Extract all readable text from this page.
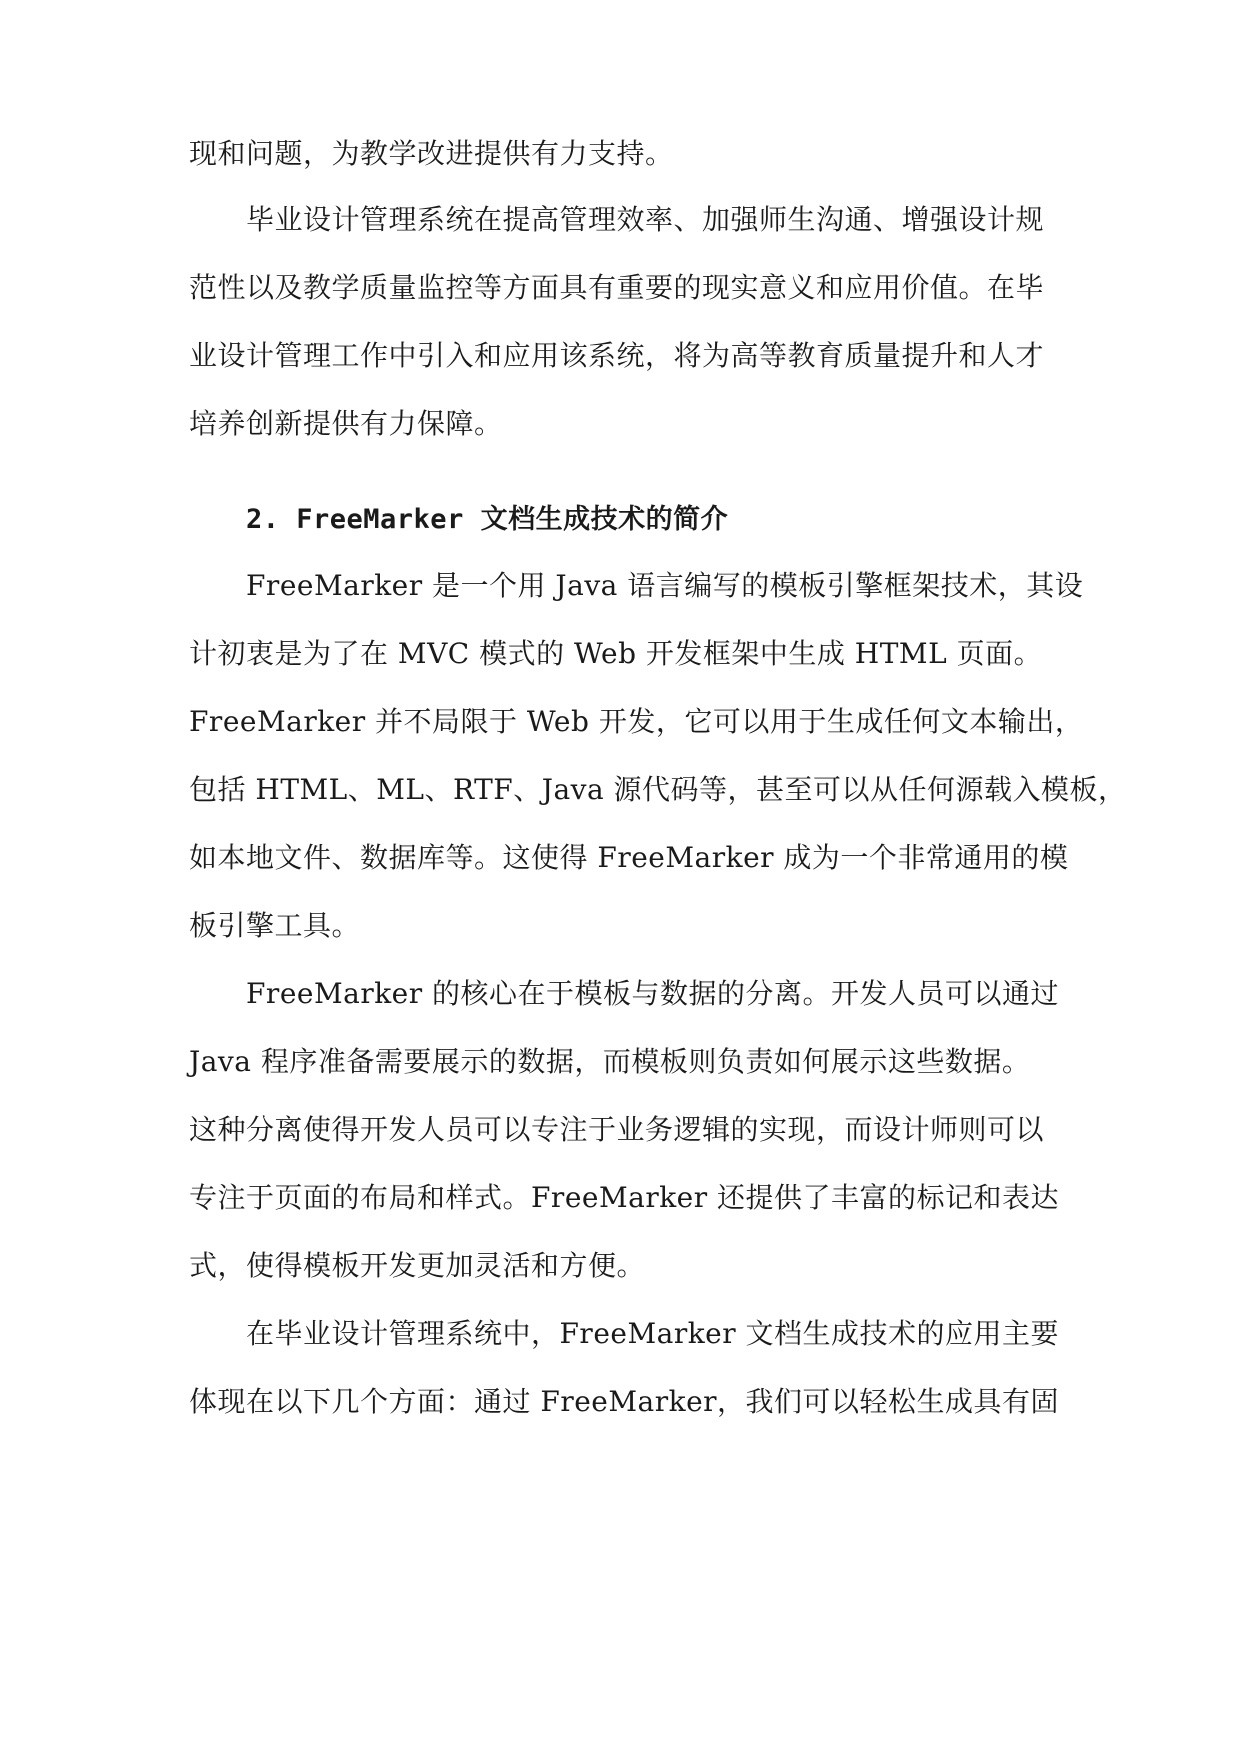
现和问题，为教学改进提供有力支持。

毕业设计管理系统在提高管理效率、加强师生沟通、增强设计规

范性以及教学质量监控等方面具有重要的现实意义和应用价值。在毕

业设计管理工作中引入和应用该系统，将为高等教育质量提升和人才

培养创新提供有力保障。

2. FreeMarker 文档生成技术的简介

FreeMarker 是一个用 Java 语言编写的模板引擎框架技术，其设

计初衷是为了在 MVC 模式的 Web 开发框架中生成 HTML 页面。

FreeMarker 并不局限于 Web 开发，它可以用于生成任何文本输出，

包括 HTML、ML、RTF、Java 源代码等，甚至可以从任何源载入模板，

如本地文件、数据库等。这使得 FreeMarker 成为一个非常通用的模

板引擎工具。

FreeMarker 的核心在于模板与数据的分离。开发人员可以通过

Java 程序准备需要展示的数据，而模板则负责如何展示这些数据。

这种分离使得开发人员可以专注于业务逻辑的实现，而设计师则可以

专注于页面的布局和样式。FreeMarker 还提供了丰富的标记和表达

式，使得模板开发更加灵活和方便。

在毕业设计管理系统中，FreeMarker 文档生成技术的应用主要

体现在以下几个方面：通过 FreeMarker，我们可以轻松生成具有固
